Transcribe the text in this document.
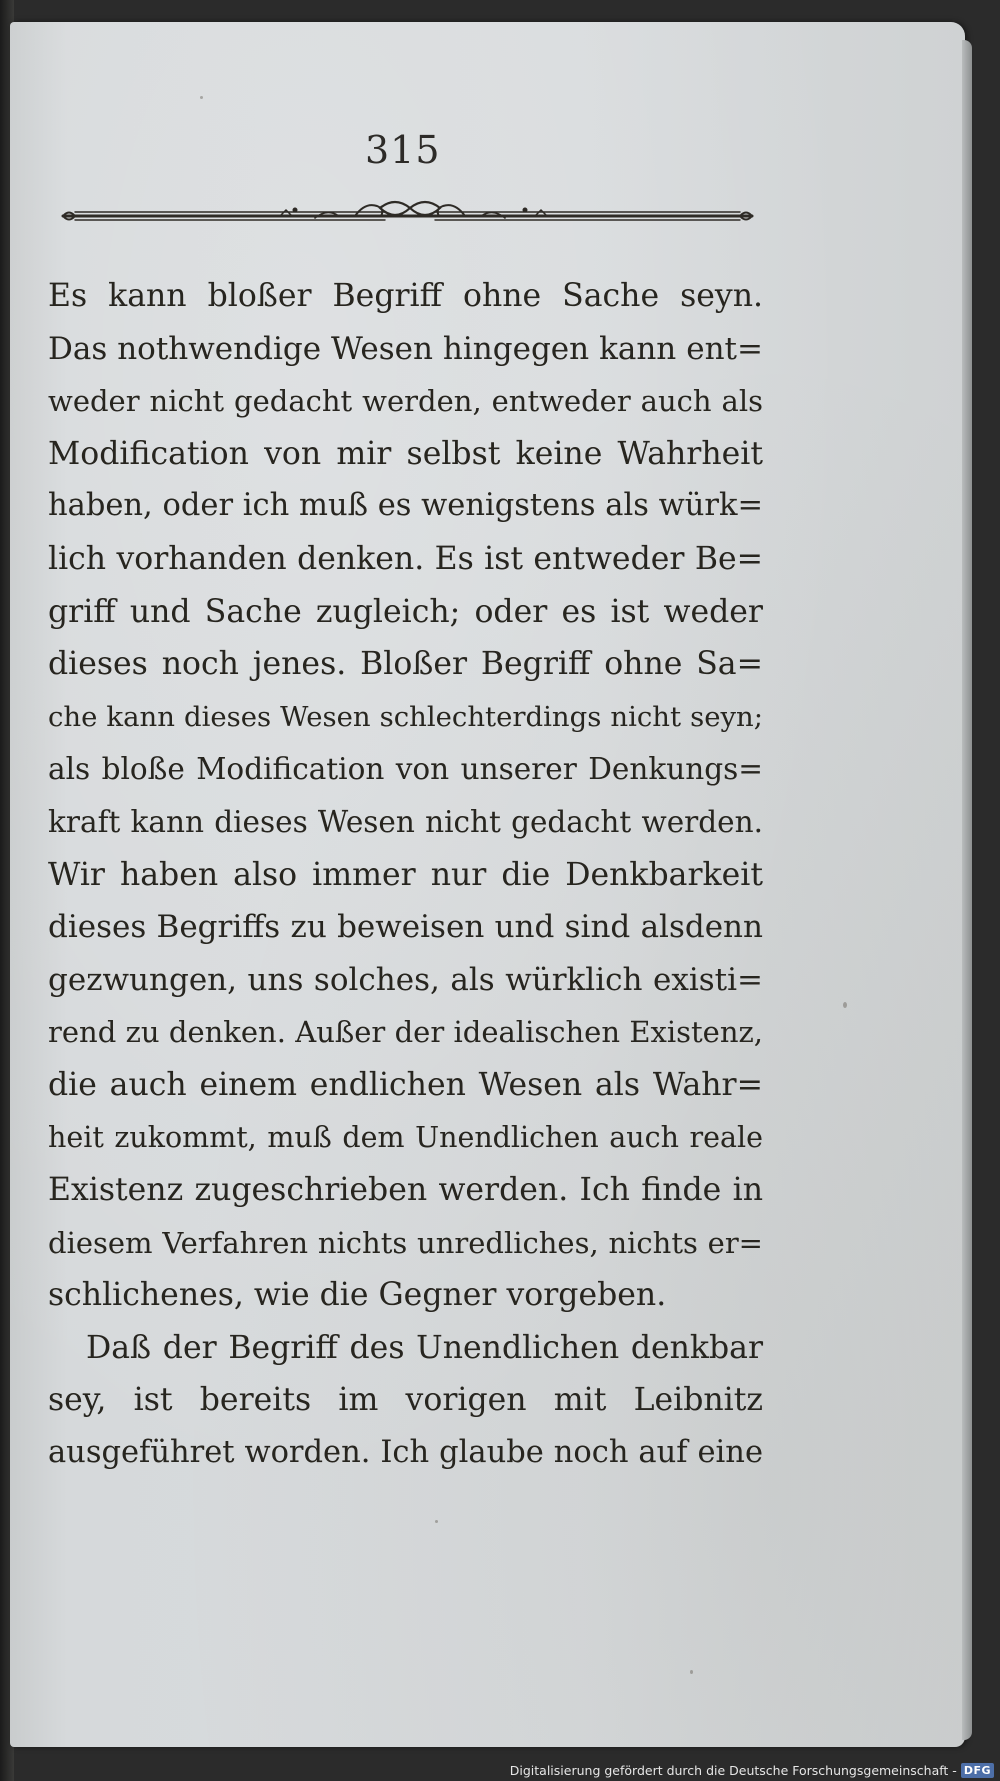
315
Es kann bloßer Begriff ohne Sache seyn.
Das nothwendige Wesen hingegen kann ent=
weder nicht gedacht werden, entweder auch als
Modification von mir selbst keine Wahrheit
haben, oder ich muß es wenigstens als würk=
lich vorhanden denken. Es ist entweder Be=
griff und Sache zugleich; oder es ist weder
dieses noch jenes. Bloßer Begriff ohne Sa=
che kann dieses Wesen schlechterdings nicht seyn;
als bloße Modification von unserer Denkungs=
kraft kann dieses Wesen nicht gedacht werden.
Wir haben also immer nur die Denkbarkeit
dieses Begriffs zu beweisen und sind alsdenn
gezwungen, uns solches, als würklich existi=
rend zu denken. Außer der idealischen Existenz,
die auch einem endlichen Wesen als Wahr=
heit zukommt, muß dem Unendlichen auch reale
Existenz zugeschrieben werden. Ich finde in
diesem Verfahren nichts unredliches, nichts er=
schlichenes, wie die Gegner vorgeben.
Daß der Begriff des Unendlichen denkbar
sey, ist bereits im vorigen mit Leibnitz
ausgeführet worden. Ich glaube noch auf eine
Digitalisierung gefördert durch die Deutsche Forschungsgemeinschaft - DFG
